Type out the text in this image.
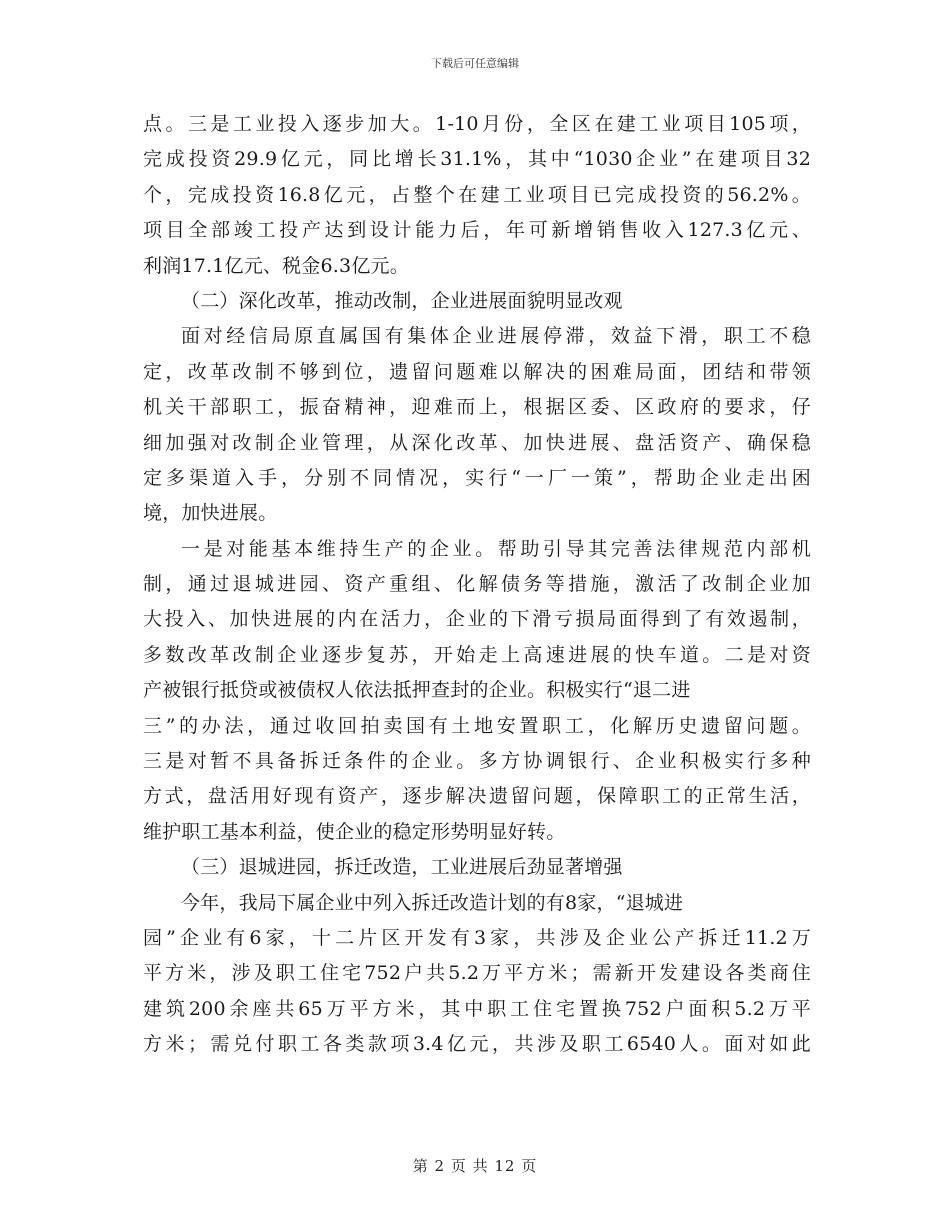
下载后可任意编辑
点。三是工业投入逐步加大。1-10月份，全区在建工业项目105项，
完成投资29.9亿元，同比增长31.1%，其中“1030企业”在建项目32
个，完成投资16.8亿元，占整个在建工业项目已完成投资的56.2%。
项目全部竣工投产达到设计能力后，年可新增销售收入127.3亿元、
利润17.1亿元、税金6.3亿元。
（二）深化改革，推动改制，企业进展面貌明显改观
面对经信局原直属国有集体企业进展停滞，效益下滑，职工不稳
定，改革改制不够到位，遗留问题难以解决的困难局面，团结和带领
机关干部职工，振奋精神，迎难而上，根据区委、区政府的要求，仔
细加强对改制企业管理，从深化改革、加快进展、盘活资产、确保稳
定多渠道入手，分别不同情况，实行“一厂一策”，帮助企业走出困
境，加快进展。
一是对能基本维持生产的企业。帮助引导其完善法律规范内部机
制，通过退城进园、资产重组、化解债务等措施，激活了改制企业加
大投入、加快进展的内在活力，企业的下滑亏损局面得到了有效遏制，
多数改革改制企业逐步复苏，开始走上高速进展的快车道。二是对资
产被银行抵贷或被债权人依法抵押查封的企业。积极实行“退二进
三”的办法，通过收回拍卖国有土地安置职工，化解历史遗留问题。
三是对暂不具备拆迁条件的企业。多方协调银行、企业积极实行多种
方式，盘活用好现有资产，逐步解决遗留问题，保障职工的正常生活，
维护职工基本利益，使企业的稳定形势明显好转。
（三）退城进园，拆迁改造，工业进展后劲显著增强
今年，我局下属企业中列入拆迁改造计划的有8家，“退城进
园”企业有6家，十二片区开发有3家，共涉及企业公产拆迁11.2万
平方米，涉及职工住宅752户共5.2万平方米；需新开发建设各类商住
建筑200余座共65万平方米，其中职工住宅置换752户面积5.2万平
方米；需兑付职工各类款项3.4亿元，共涉及职工6540人。面对如此
第 2 页 共 12 页
